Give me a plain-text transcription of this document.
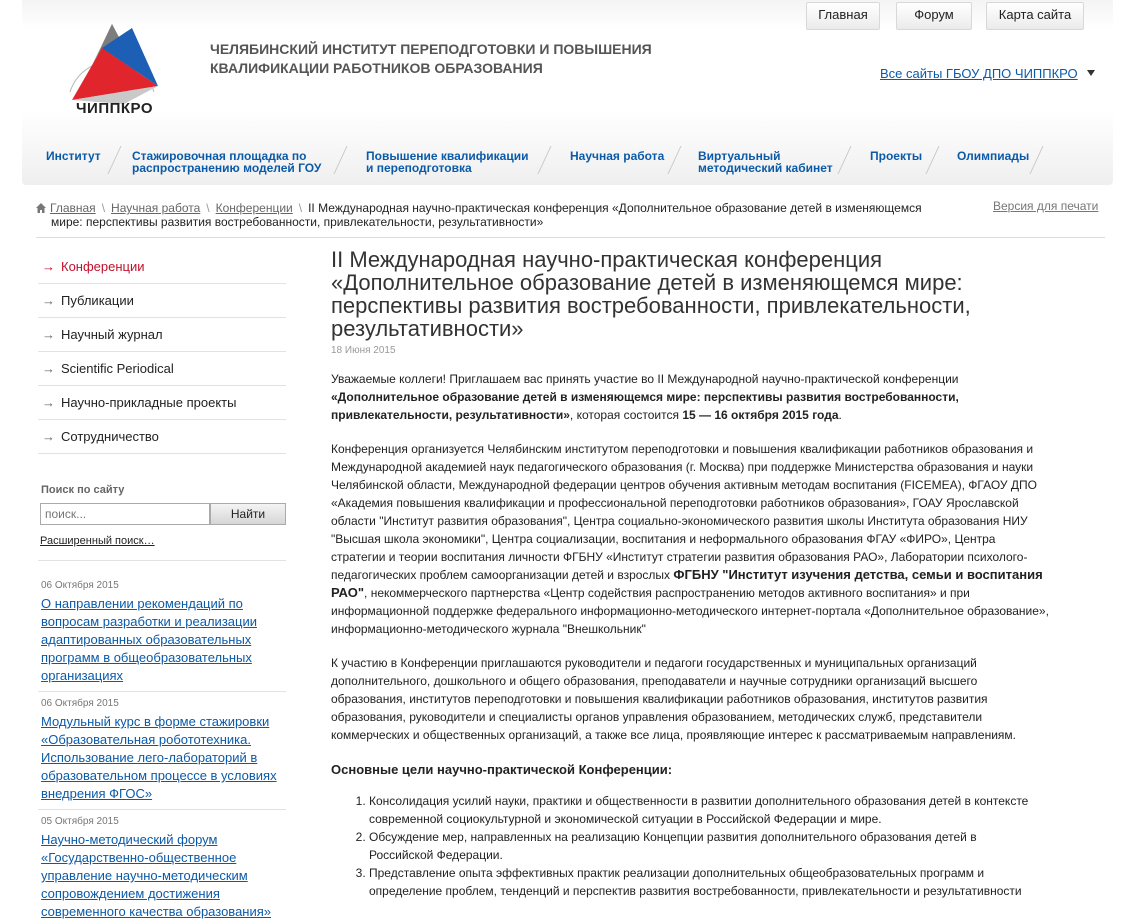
ЧИППКРО
ЧЕЛЯБИНСКИЙ ИНСТИТУТ ПЕРЕПОДГОТОВКИ И ПОВЫШЕНИЯ
КВАЛИФИКАЦИИ РАБОТНИКОВ ОБРАЗОВАНИЯ
Главная	Форум	Карта сайта
Все сайты ГБОУ ДПО ЧИППКРО
Институт	Стажировочная площадка по
распространению моделей ГОУ
Повышение квалификации
и переподготовка
Научная работа	Виртуальный
методический кабинет
Проекты	Олимпиады
Главная \ Научная работа \ Конференции \ II Международная научно-практическая конференция «Дополнительное образование детей в изменяющемся
мире: перспективы развития востребованности, привлекательности, результативности»
Версия для печати
→ Конференции
→ Публикации
→ Научный журнал
→ Scientific Periodical
→ Научно-прикладные проекты
→ Сотрудничество
Поиск по сайту
поиск...
Найти
Расширенный поиск…
06 Октября 2015
О направлении рекомендаций по
вопросам разработки и реализации
адаптированных образовательных
программ в общеобразовательных
организациях
06 Октября 2015
Модульный курс в форме стажировки
«Образовательная робототехника.
Использование лего-лабораторий в
образовательном процессе в условиях
внедрения ФГОС»
05 Октября 2015
Научно-методический форум
«Государственно-общественное
управление научно-методическим
сопровождением достижения
современного качества образования»
II Международная научно-практическая конференция
«Дополнительное образование детей в изменяющемся мире:
перспективы развития востребованности, привлекательности,
результативности»
18 Июня 2015
Уважаемые коллеги! Приглашаем вас принять участие во II Международной научно-практической конференции
«Дополнительное образование детей в изменяющемся мире: перспективы развития востребованности,
привлекательности, результативности», которая состоится 15 — 16 октября 2015 года.
Конференция организуется Челябинским институтом переподготовки и повышения квалификации работников образования и
Международной академией наук педагогического образования (г. Москва) при поддержке Министерства образования и науки
Челябинской области, Международной федерации центров обучения активным методам воспитания (FICEMEA), ФГАОУ ДПО
«Академия повышения квалификации и профессиональной переподготовки работников образования», ГОАУ Ярославской
области "Институт развития образования", Центра социально-экономического развития школы Института образования НИУ
"Высшая школа экономики", Центра социализации, воспитания и неформального образования ФГАУ «ФИРО», Центра
стратегии и теории воспитания личности ФГБНУ «Институт стратегии развития образования РАО», Лаборатории психолого-
педагогических проблем самоорганизации детей и взрослых ФГБНУ "Институт изучения детства, семьи и воспитания
РАО", некоммерческого партнерства «Центр содействия распространению методов активного воспитания» и при
информационной поддержке федерального информационно-методического интернет-портала «Дополнительное образование»,
информационно-методического журнала "Внешкольник"
К участию в Конференции приглашаются руководители и педагоги государственных и муниципальных организаций
дополнительного, дошкольного и общего образования, преподаватели и научные сотрудники организаций высшего
образования, институтов переподготовки и повышения квалификации работников образования, институтов развития
образования, руководители и специалисты органов управления образованием, методических служб, представители
коммерческих и общественных организаций, а также все лица, проявляющие интерес к рассматриваемым направлениям.
Основные цели научно-практической Конференции:
1. Консолидация усилий науки, практики и общественности в развитии дополнительного образования детей в контексте
современной социокультурной и экономической ситуации в Российской Федерации и мире.
2. Обсуждение мер, направленных на реализацию Концепции развития дополнительного образования детей в
Российской Федерации.
3. Представление опыта эффективных практик реализации дополнительных общеобразовательных программ и
определение проблем, тенденций и перспектив развития востребованности, привлекательности и результативности
